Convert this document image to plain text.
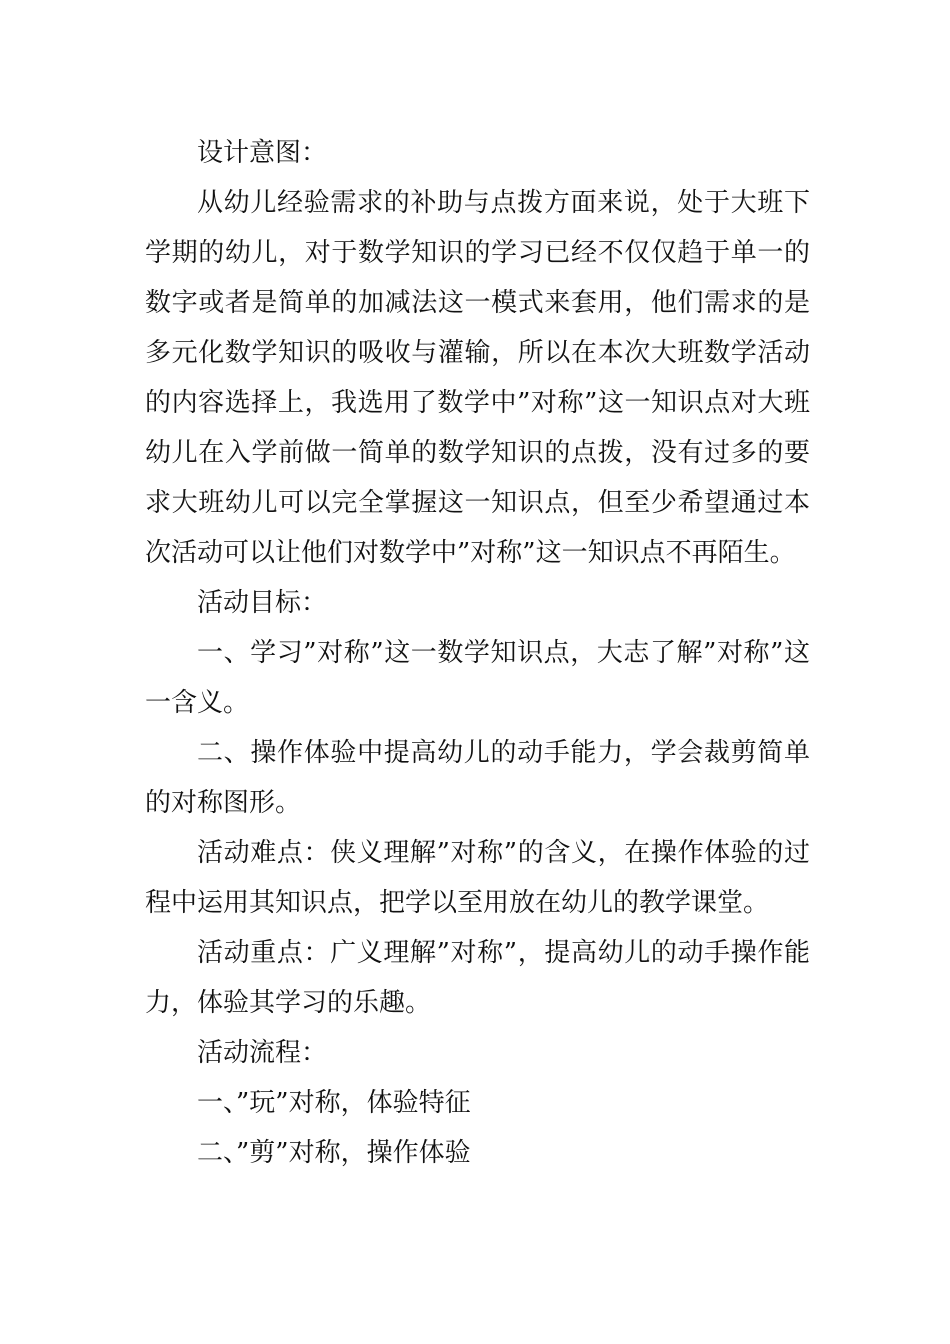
设计意图：

从幼儿经验需求的补助与点拨方面来说，处于大班下学期的幼儿，对于数学知识的学习已经不仅仅趋于单一的数字或者是简单的加减法这一模式来套用，他们需求的是多元化数学知识的吸收与灌输，所以在本次大班数学活动的内容选择上，我选用了数学中”对称”这一知识点对大班幼儿在入学前做一简单的数学知识的点拨，没有过多的要求大班幼儿可以完全掌握这一知识点，但至少希望通过本次活动可以让他们对数学中”对称”这一知识点不再陌生。

活动目标：

一、学习”对称”这一数学知识点，大志了解”对称”这一含义。

二、操作体验中提高幼儿的动手能力，学会裁剪简单的对称图形。

活动难点：侠义理解”对称”的含义，在操作体验的过程中运用其知识点，把学以至用放在幼儿的教学课堂。

活动重点：广义理解”对称”，提高幼儿的动手操作能力，体验其学习的乐趣。

活动流程：

一、”玩”对称，体验特征

二、”剪”对称，操作体验
